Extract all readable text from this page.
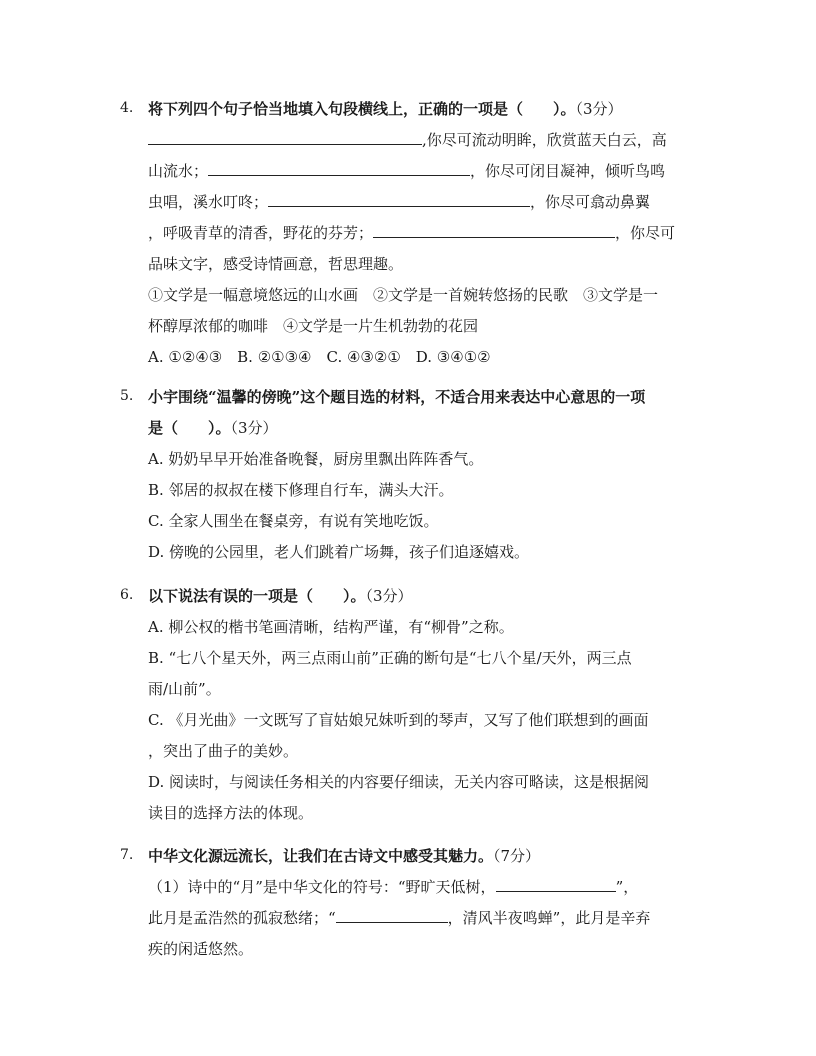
4. 将下列四个句子恰当地填入句段横线上，正确的一项是（　　）。（3分）
,你尽可流动明眸，欣赏蓝天白云，高
山流水；	，你尽可闭目凝神，倾听鸟鸣
虫唱，溪水叮咚；	，你尽可翕动鼻翼
，呼吸青草的清香，野花的芬芳；	，你尽可
品味文字，感受诗情画意，哲思理趣。
①文学是一幅意境悠远的山水画　②文学是一首婉转悠扬的民歌　③文学是一
杯醇厚浓郁的咖啡　④文学是一片生机勃勃的花园
A. ①②④③　B. ②①③④　C. ④③②①　D. ③④①②
5. 小宇围绕“温馨的傍晚”这个题目选的材料，不适合用来表达中心意思的一项
是（　　）。（3分）
A. 奶奶早早开始准备晚餐，厨房里飘出阵阵香气。
B. 邻居的叔叔在楼下修理自行车，满头大汗。
C. 全家人围坐在餐桌旁，有说有笑地吃饭。
D. 傍晚的公园里，老人们跳着广场舞，孩子们追逐嬉戏。
6. 以下说法有误的一项是（　　）。（3分）
A. 柳公权的楷书笔画清晰，结构严谨，有“柳骨”之称。
B. “七八个星天外，两三点雨山前”正确的断句是“七八个星/天外，两三点
雨/山前”。
C. 《月光曲》一文既写了盲姑娘兄妹听到的琴声，又写了他们联想到的画面
，突出了曲子的美妙。
D. 阅读时，与阅读任务相关的内容要仔细读，无关内容可略读，这是根据阅
读目的选择方法的体现。
7. 中华文化源远流长，让我们在古诗文中感受其魅力。（7分）
（1）诗中的“月”是中华文化的符号：“野旷天低树，	”，
此月是孟浩然的孤寂愁绪；“	，清风半夜鸣蝉”，此月是辛弃
疾的闲适悠然。
